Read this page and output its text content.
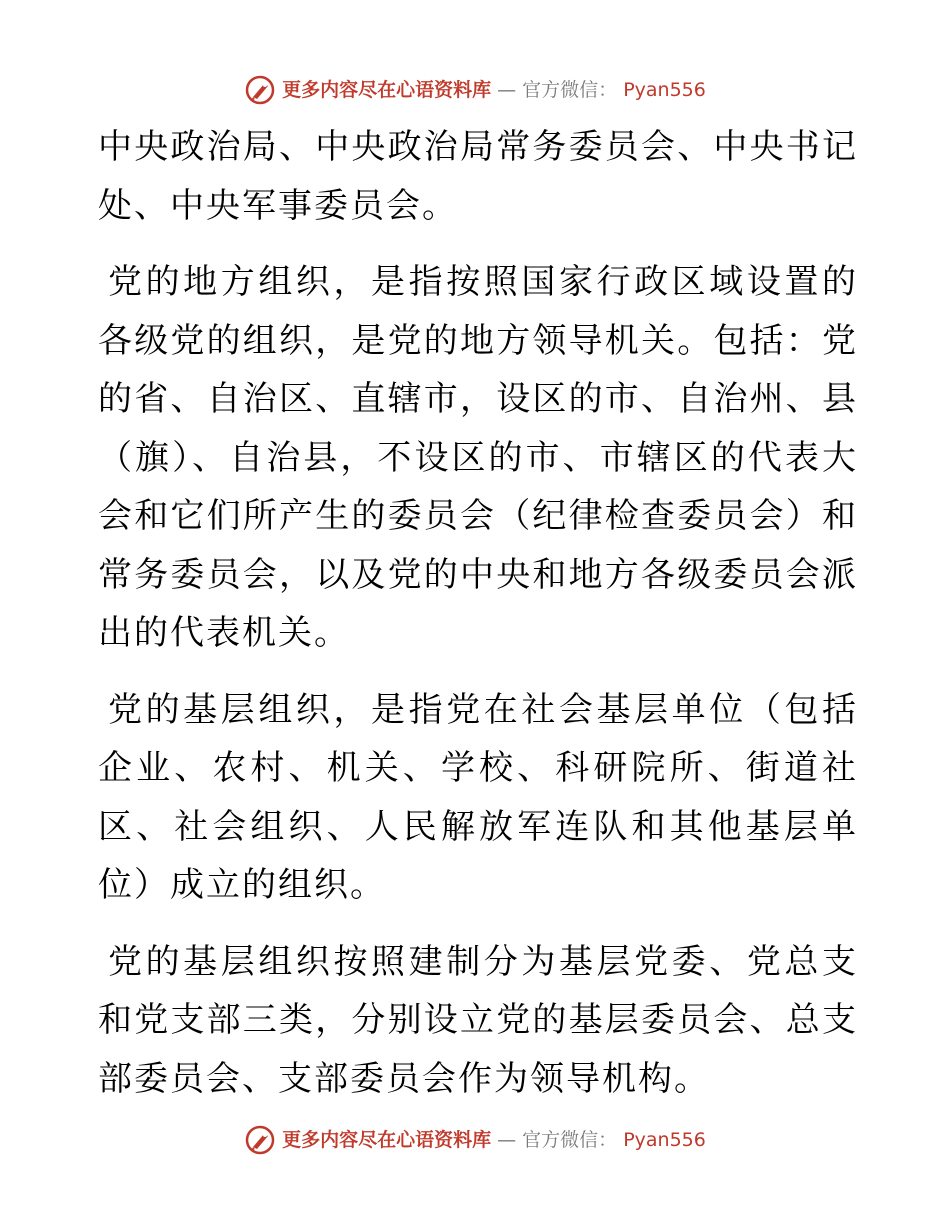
更多内容尽在心语资料库 — 官方微信： Pyan556

中央政治局、中央政治局常务委员会、中央书记处、中央军事委员会。

党的地方组织，是指按照国家行政区域设置的各级党的组织，是党的地方领导机关。包括：党的省、自治区、直辖市，设区的市、自治州、县（旗）、自治县，不设区的市、市辖区的代表大会和它们所产生的委员会（纪律检查委员会）和常务委员会，以及党的中央和地方各级委员会派出的代表机关。

党的基层组织，是指党在社会基层单位（包括企业、农村、机关、学校、科研院所、街道社区、社会组织、人民解放军连队和其他基层单位）成立的组织。

党的基层组织按照建制分为基层党委、党总支和党支部三类，分别设立党的基层委员会、总支部委员会、支部委员会作为领导机构。

更多内容尽在心语资料库 — 官方微信： Pyan556
